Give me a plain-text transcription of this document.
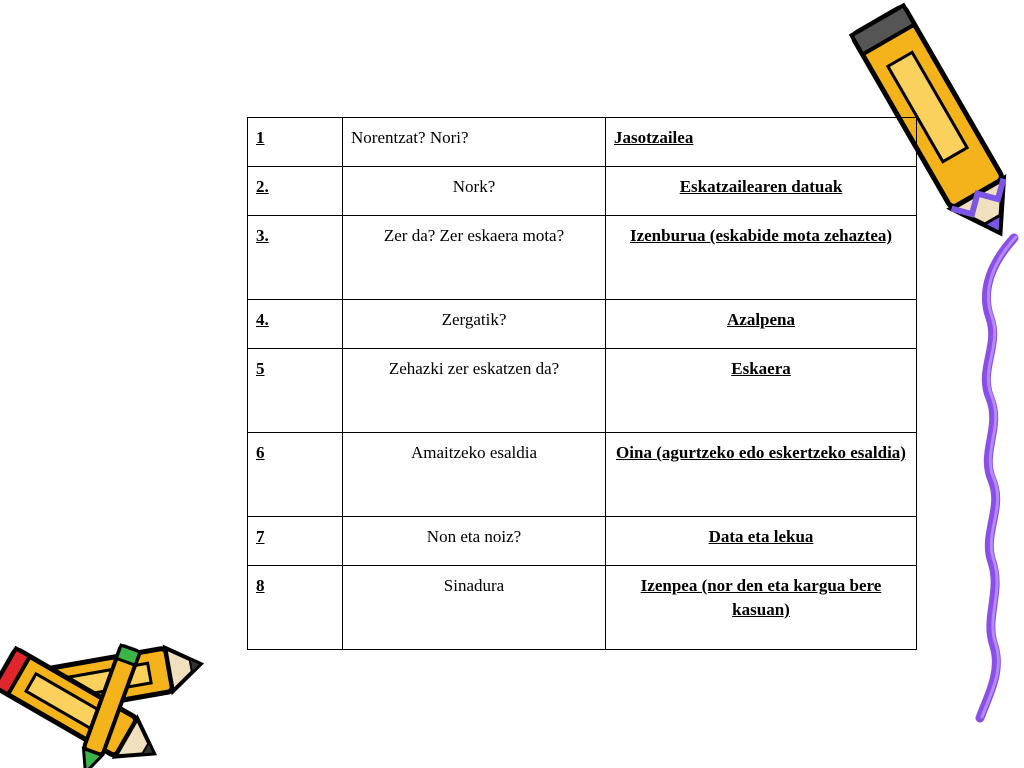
1	Norentzat? Nori?	Jasotzailea
2.	Nork?	Eskatzailearen datuak
3.	Zer da? Zer eskaera mota?	Izenburua (eskabide mota zehaztea)
4.	Zergatik?	Azalpena
5	Zehazki zer eskatzen da?	Eskaera
6	Amaitzeko esaldia	Oina (agurtzeko edo eskertzeko esaldia)
7	Non eta noiz?	Data eta lekua
8	Sinadura	Izenpea (nor den eta kargua bere kasuan)
